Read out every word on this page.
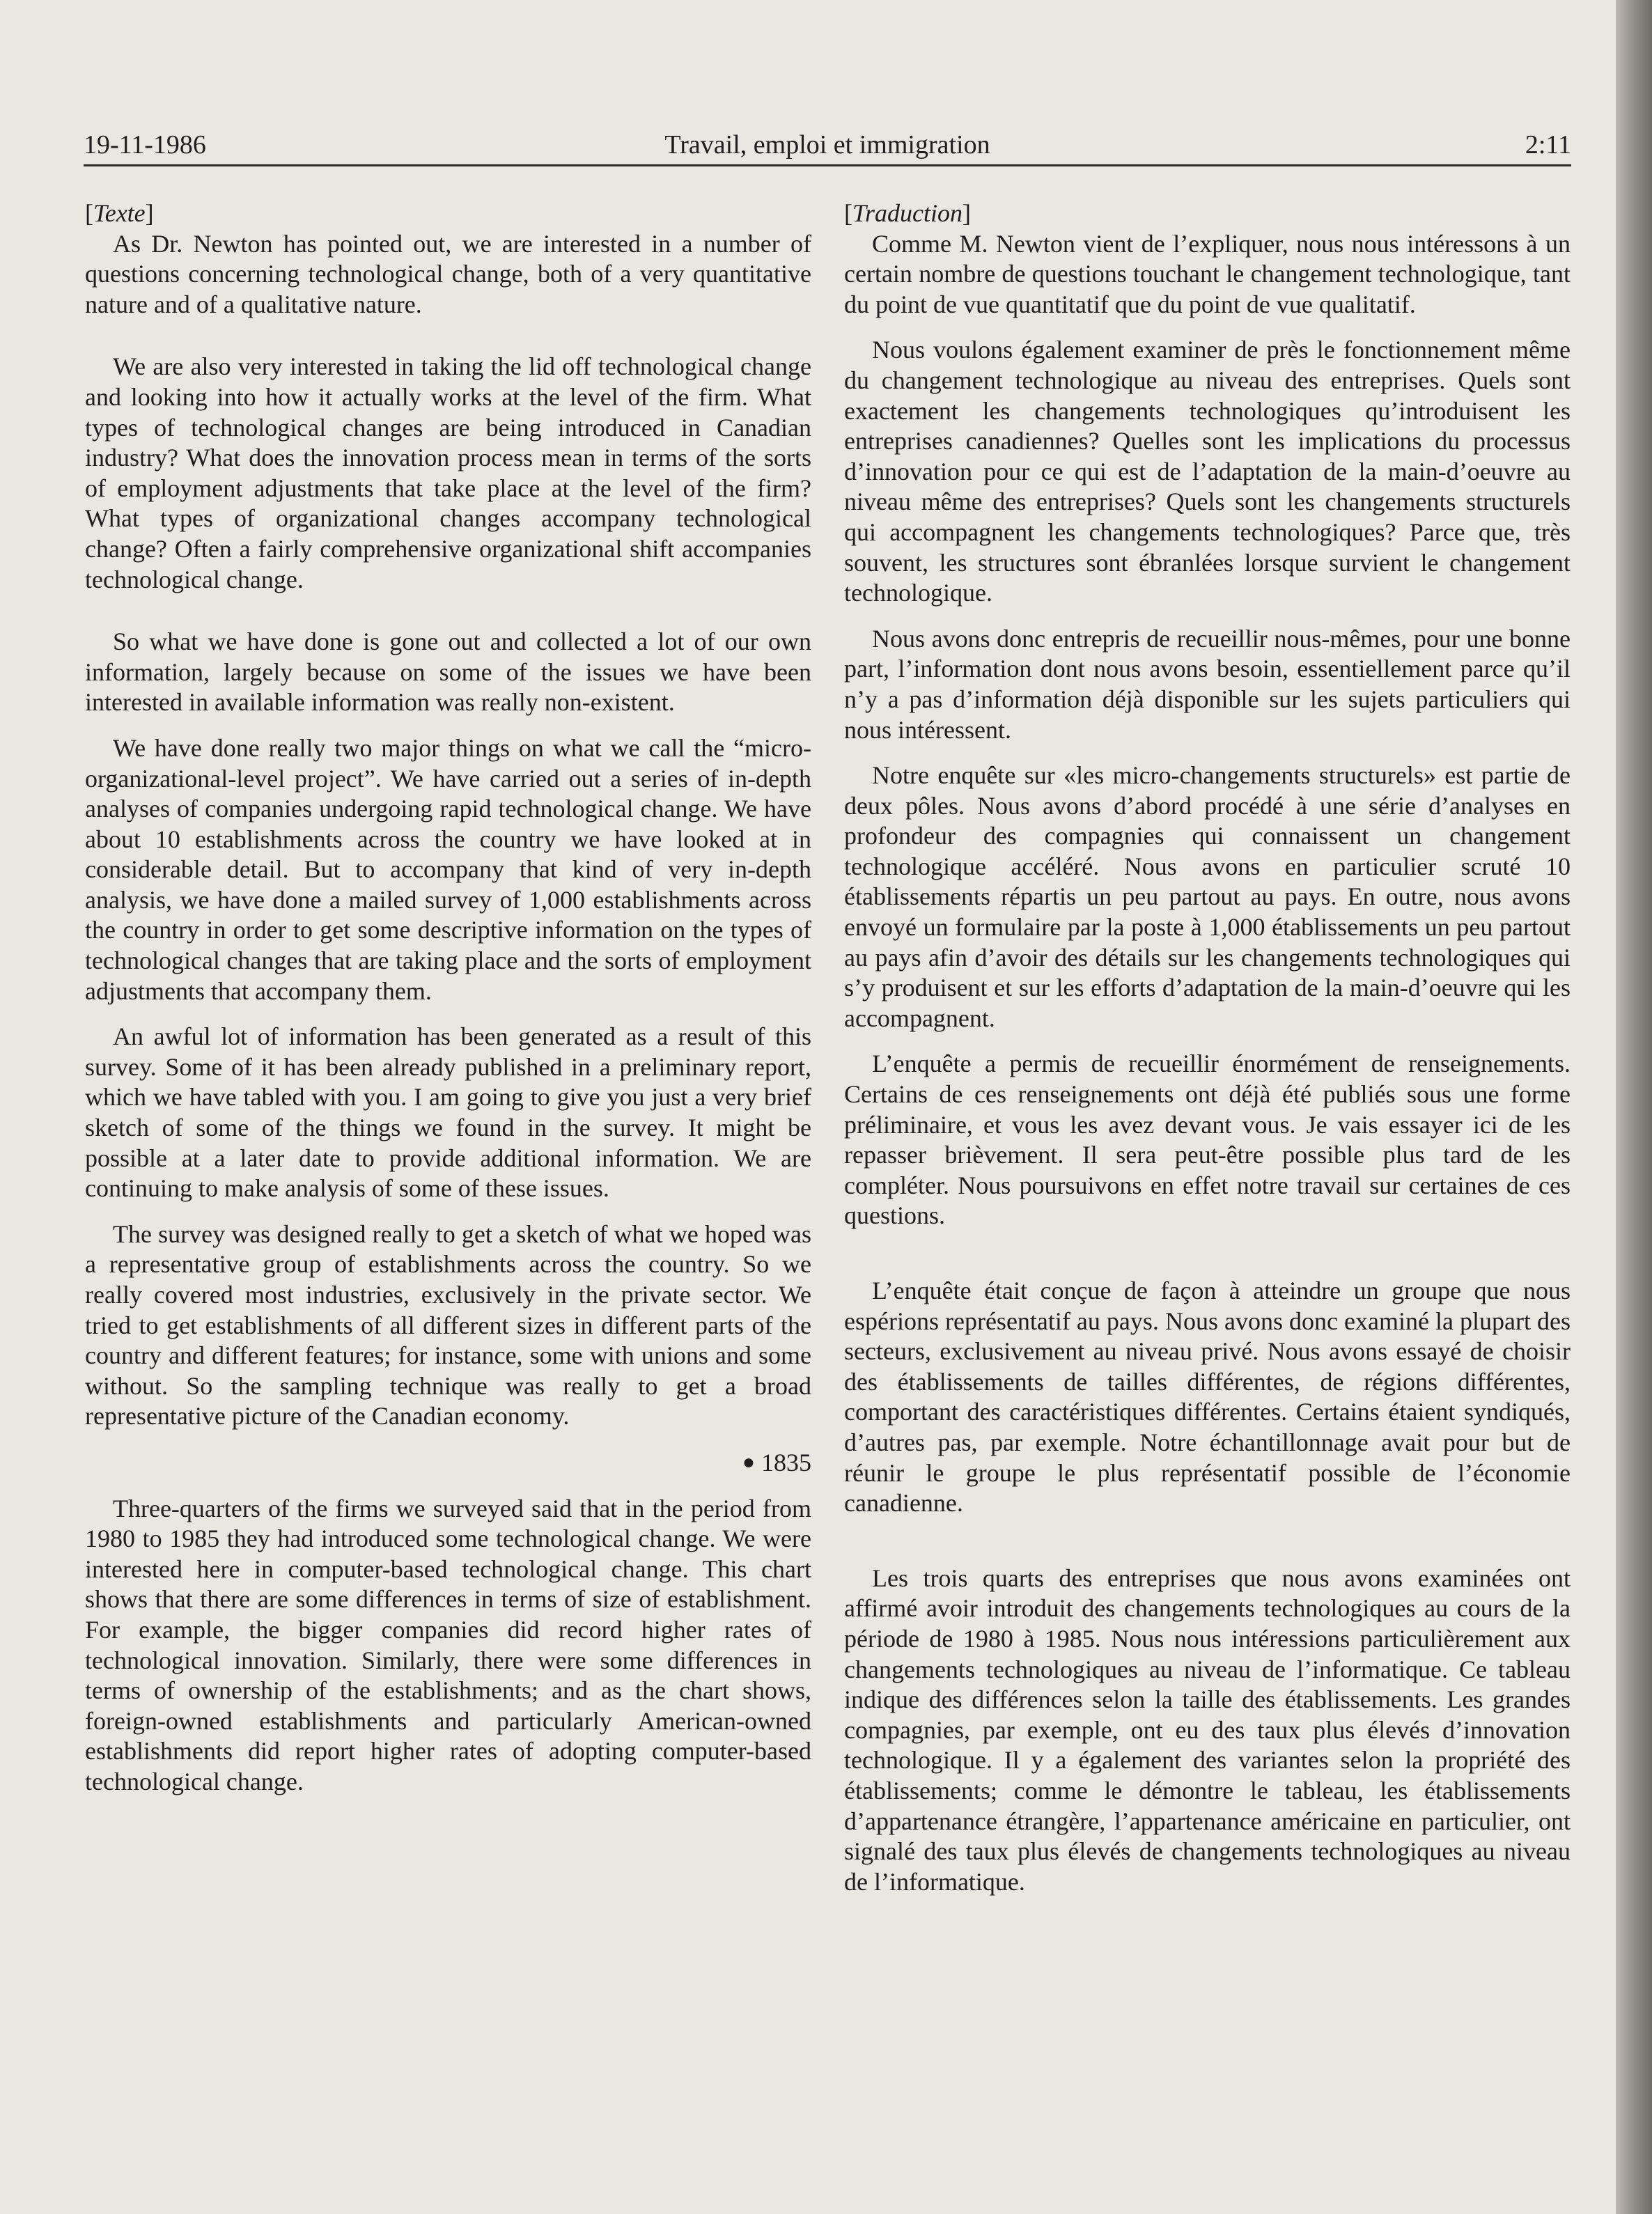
19-11-1986	Travail, emploi et immigration	2:11

[Texte]

As Dr. Newton has pointed out, we are interested in a number of questions concerning technological change, both of a very quantitative nature and of a qualitative nature.

We are also very interested in taking the lid off technological change and looking into how it actually works at the level of the firm. What types of technological changes are being introduced in Canadian industry? What does the innovation process mean in terms of the sorts of employment adjustments that take place at the level of the firm? What types of organizational changes accompany technological change? Often a fairly comprehensive organizational shift accompanies technological change.

So what we have done is gone out and collected a lot of our own information, largely because on some of the issues we have been interested in available information was really non-existent.

We have done really two major things on what we call the “micro-organizational-level project”. We have carried out a series of in-depth analyses of companies undergoing rapid technological change. We have about 10 establishments across the country we have looked at in considerable detail. But to accompany that kind of very in-depth analysis, we have done a mailed survey of 1,000 establishments across the country in order to get some descriptive information on the types of technological changes that are taking place and the sorts of employment adjustments that accompany them.

An awful lot of information has been generated as a result of this survey. Some of it has been already published in a preliminary report, which we have tabled with you. I am going to give you just a very brief sketch of some of the things we found in the survey. It might be possible at a later date to provide additional information. We are continuing to make analysis of some of these issues.

The survey was designed really to get a sketch of what we hoped was a representative group of establishments across the country. So we really covered most industries, exclusively in the private sector. We tried to get establishments of all different sizes in different parts of the country and different features; for instance, some with unions and some without. So the sampling technique was really to get a broad representative picture of the Canadian economy.

● 1835

Three-quarters of the firms we surveyed said that in the period from 1980 to 1985 they had introduced some technological change. We were interested here in computer-based technological change. This chart shows that there are some differences in terms of size of establishment. For example, the bigger companies did record higher rates of technological innovation. Similarly, there were some differences in terms of ownership of the establishments; and as the chart shows, foreign-owned establishments and particularly American-owned establishments did report higher rates of adopting computer-based technological change.

[Traduction]

Comme M. Newton vient de l’expliquer, nous nous intéressons à un certain nombre de questions touchant le changement technologique, tant du point de vue quantitatif que du point de vue qualitatif.

Nous voulons également examiner de près le fonctionnement même du changement technologique au niveau des entreprises. Quels sont exactement les changements technologiques qu’introduisent les entreprises canadiennes? Quelles sont les implications du processus d’innovation pour ce qui est de l’adaptation de la main-d’oeuvre au niveau même des entreprises? Quels sont les changements structurels qui accompagnent les changements technologiques? Parce que, très souvent, les structures sont ébranlées lorsque survient le changement technologique.

Nous avons donc entrepris de recueillir nous-mêmes, pour une bonne part, l’information dont nous avons besoin, essentiellement parce qu’il n’y a pas d’information déjà disponible sur les sujets particuliers qui nous intéressent.

Notre enquête sur «les micro-changements structurels» est partie de deux pôles. Nous avons d’abord procédé à une série d’analyses en profondeur des compagnies qui connaissent un changement technologique accéléré. Nous avons en particulier scruté 10 établissements répartis un peu partout au pays. En outre, nous avons envoyé un formulaire par la poste à 1,000 établissements un peu partout au pays afin d’avoir des détails sur les changements technologiques qui s’y produisent et sur les efforts d’adaptation de la main-d’oeuvre qui les accompagnent.

L’enquête a permis de recueillir énormément de renseignements. Certains de ces renseignements ont déjà été publiés sous une forme préliminaire, et vous les avez devant vous. Je vais essayer ici de les repasser brièvement. Il sera peut-être possible plus tard de les compléter. Nous poursuivons en effet notre travail sur certaines de ces questions.

L’enquête était conçue de façon à atteindre un groupe que nous espérions représentatif au pays. Nous avons donc examiné la plupart des secteurs, exclusivement au niveau privé. Nous avons essayé de choisir des établissements de tailles différentes, de régions différentes, comportant des caractéristiques différentes. Certains étaient syndiqués, d’autres pas, par exemple. Notre échantillonnage avait pour but de réunir le groupe le plus représentatif possible de l’économie canadienne.

Les trois quarts des entreprises que nous avons examinées ont affirmé avoir introduit des changements technologiques au cours de la période de 1980 à 1985. Nous nous intéressions particulièrement aux changements technologiques au niveau de l’informatique. Ce tableau indique des différences selon la taille des établissements. Les grandes compagnies, par exemple, ont eu des taux plus élevés d’innovation technologique. Il y a également des variantes selon la propriété des établissements; comme le démontre le tableau, les établissements d’appartenance étrangère, l’appartenance américaine en particulier, ont signalé des taux plus élevés de changements technologiques au niveau de l’informatique.
